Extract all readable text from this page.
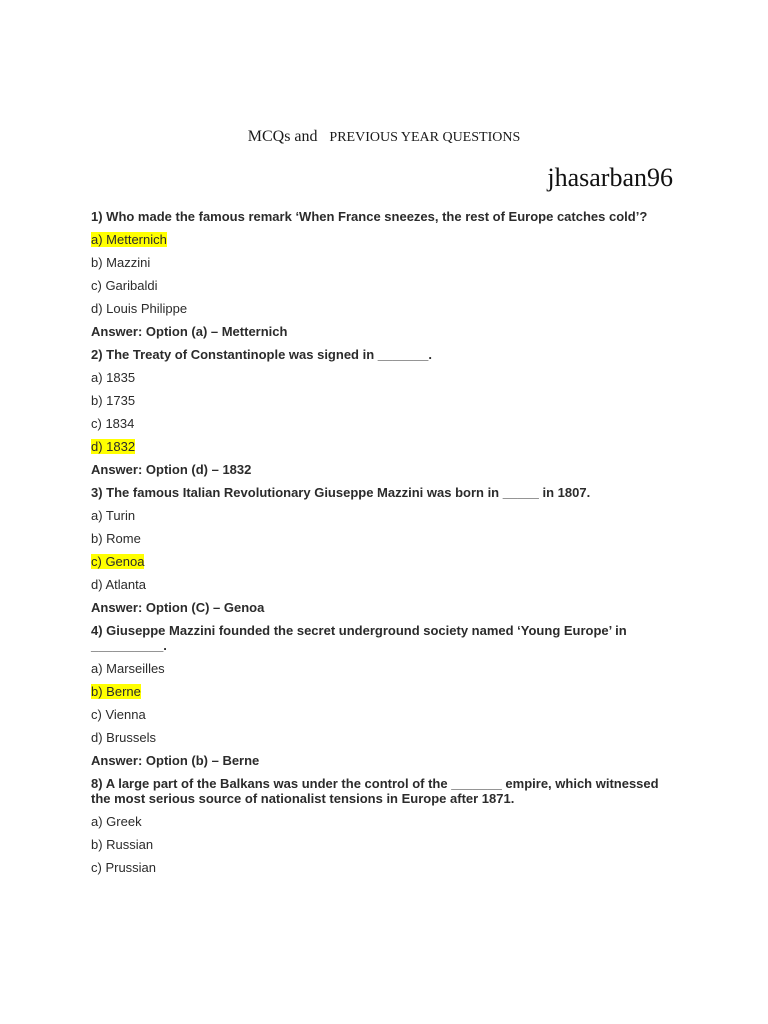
MCQs and PREVIOUS YEAR QUESTIONS
jhasarban96
1) Who made the famous remark ‘When France sneezes, the rest of Europe catches cold’?
a) Metternich
b) Mazzini
c) Garibaldi
d) Louis Philippe
Answer: Option (a) – Metternich
2) The Treaty of Constantinople was signed in _______.
a) 1835
b) 1735
c) 1834
d) 1832
Answer: Option (d) – 1832
3) The famous Italian Revolutionary Giuseppe Mazzini was born in _____ in 1807.
a) Turin
b) Rome
c) Genoa
d) Atlanta
Answer: Option (C) – Genoa
4) Giuseppe Mazzini founded the secret underground society named ‘Young Europe’ in __________.
a) Marseilles
b) Berne
c) Vienna
d) Brussels
Answer: Option (b) – Berne
8) A large part of the Balkans was under the control of the _______ empire, which witnessed the most serious source of nationalist tensions in Europe after 1871.
a) Greek
b) Russian
c) Prussian
